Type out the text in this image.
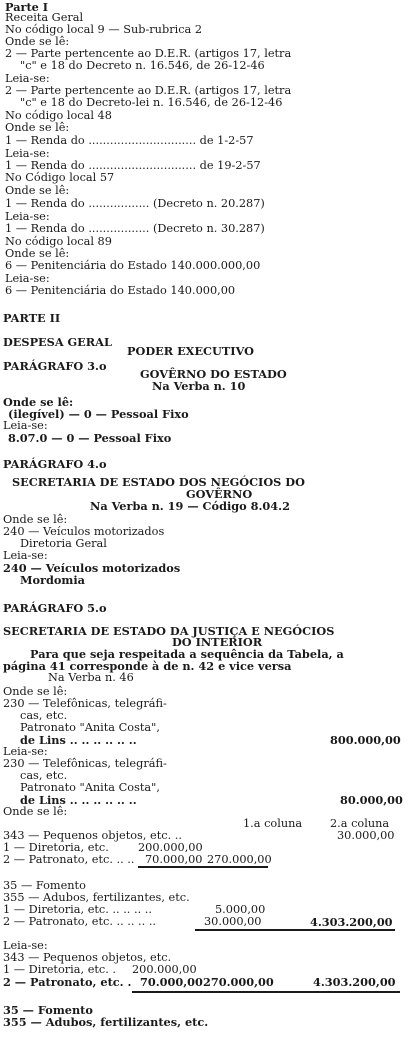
Parte I
Receita Geral
No código local 9 — Sub-rubrica 2
Onde se lê:
2 — Parte pertencente ao D.E.R. (artigos 17, letra
"c" e 18 do Decreto n. 16.546, de 26-12-46
Leia-se:
2 — Parte pertencente ao D.E.R. (artigos 17, letra
"c" e 18 do Decreto-lei n. 16.546, de 26-12-46
No código local 48
Onde se lê:
1 — Renda do .............................. de 1-2-57
Leia-se:
1 — Renda do .............................. de 19-2-57
No Código local 57
Onde se lê:
1 — Renda do ................. (Decreto n. 20.287)
Leia-se:
1 — Renda do ................. (Decreto n. 30.287)
No código local 89
Onde se lê:
6 — Penitenciária do Estado 140.000.000,00
Leia-se:
6 — Penitenciária do Estado 140.000,00
PARTE II
DESPESA GERAL
PODER EXECUTIVO
PARÁGRAFO 3.o
GOVÊRNO DO ESTADO
Na Verba n. 10
Onde se lê:
(ilegível) — 0 — Pessoal Fixo
Leia-se:
8.07.0 — 0 — Pessoal Fixo
PARÁGRAFO 4.o
SECRETARIA DE ESTADO DOS NEGÓCIOS DO
GOVÊRNO
Na Verba n. 19 — Código 8.04.2
Onde se lê:
240 — Veículos motorizados
Diretoria Geral
Leia-se:
240 — Veículos motorizados
Mordomia
PARÁGRAFO 5.o
SECRETARIA DE ESTADO DA JUSTIÇA E NEGÓCIOS
DO INTERIOR
Para que seja respeitada a sequência da Tabela, a
página 41 corresponde à de n. 42 e vice versa
Na Verba n. 46
Onde se lê:
230 — Telefônicas, telegráfi-
cas, etc.
Patronato "Anita Costa",
de Lins .. .. .. .. .. ..	800.000,00
Leia-se:
230 — Telefônicas, telegráfi-
cas, etc.
Patronato "Anita Costa",
de Lins .. .. .. .. .. ..	80.000,00
Onde se lê:
1.a coluna 2.a coluna
343 — Pequenos objetos, etc. ..	30.000,00
1 — Diretoria, etc.	200.000,00
2 — Patronato, etc. .. .. 70.000,00 270.000,00
35 — Fomento
355 — Adubos, fertilizantes, etc.
1 — Diretoria, etc. .. .. .. ..	5.000,00
2 — Patronato, etc. .. .. .. ..	30.000,00	4.303.200,00
Leia-se:
343 — Pequenos objetos, etc.
1 — Diretoria, etc. . 200.000,00
2 — Patronato, etc. . 70.000,00 270.000,00	4.303.200,00
35 — Fomento
355 — Adubos, fertilizantes, etc.
